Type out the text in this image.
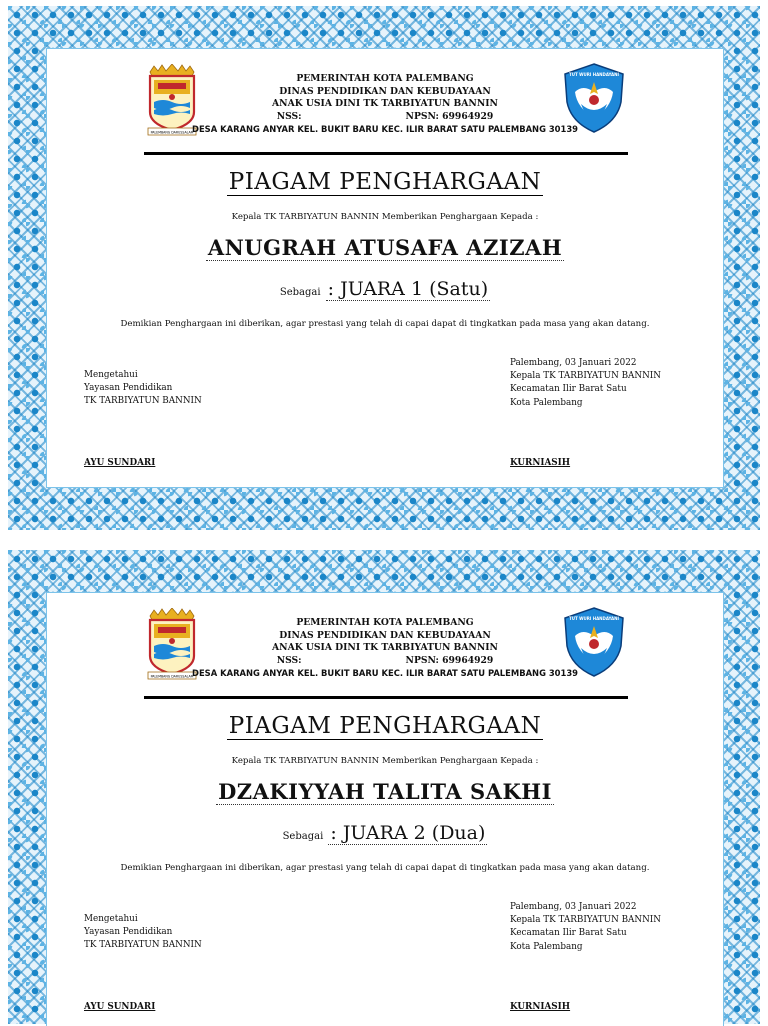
PALEMBANG DARUSSALAM
TUT WURI HANDAYANI
PEMERINTAH KOTA PALEMBANG
DINAS PENDIDIKAN DAN KEBUDAYAAN
ANAK USIA DINI TK TARBIYATUN BANNIN
NSS:	NPSN: 69964929
DESA KARANG ANYAR KEL. BUKIT BARU KEC. ILIR BARAT SATU PALEMBANG 30139
PIAGAM PENGHARGAAN
Kepala TK TARBIYATUN BANNIN Memberikan Penghargaan Kepada :
ANUGRAH ATUSAFA AZIZAH
Sebagai : JUARA 1 (Satu)
Demikian Penghargaan ini diberikan, agar prestasi yang telah di capai dapat di tingkatkan pada masa yang akan datang.
Mengetahui
Yayasan Pendidikan
TK TARBIYATUN BANNIN
Palembang, 03 Januari 2022
Kepala TK TARBIYATUN BANNIN
Kecamatan Ilir Barat Satu
Kota Palembang
AYU SUNDARI	KURNIASIH
PALEMBANG DARUSSALAM
TUT WURI HANDAYANI
PEMERINTAH KOTA PALEMBANG
DINAS PENDIDIKAN DAN KEBUDAYAAN
ANAK USIA DINI TK TARBIYATUN BANNIN
NSS:	NPSN: 69964929
DESA KARANG ANYAR KEL. BUKIT BARU KEC. ILIR BARAT SATU PALEMBANG 30139
PIAGAM PENGHARGAAN
Kepala TK TARBIYATUN BANNIN Memberikan Penghargaan Kepada :
DZAKIYYAH TALITA SAKHI
Sebagai : JUARA 2 (Dua)
Demikian Penghargaan ini diberikan, agar prestasi yang telah di capai dapat di tingkatkan pada masa yang akan datang.
Mengetahui
Yayasan Pendidikan
TK TARBIYATUN BANNIN
Palembang, 03 Januari 2022
Kepala TK TARBIYATUN BANNIN
Kecamatan Ilir Barat Satu
Kota Palembang
AYU SUNDARI	KURNIASIH
